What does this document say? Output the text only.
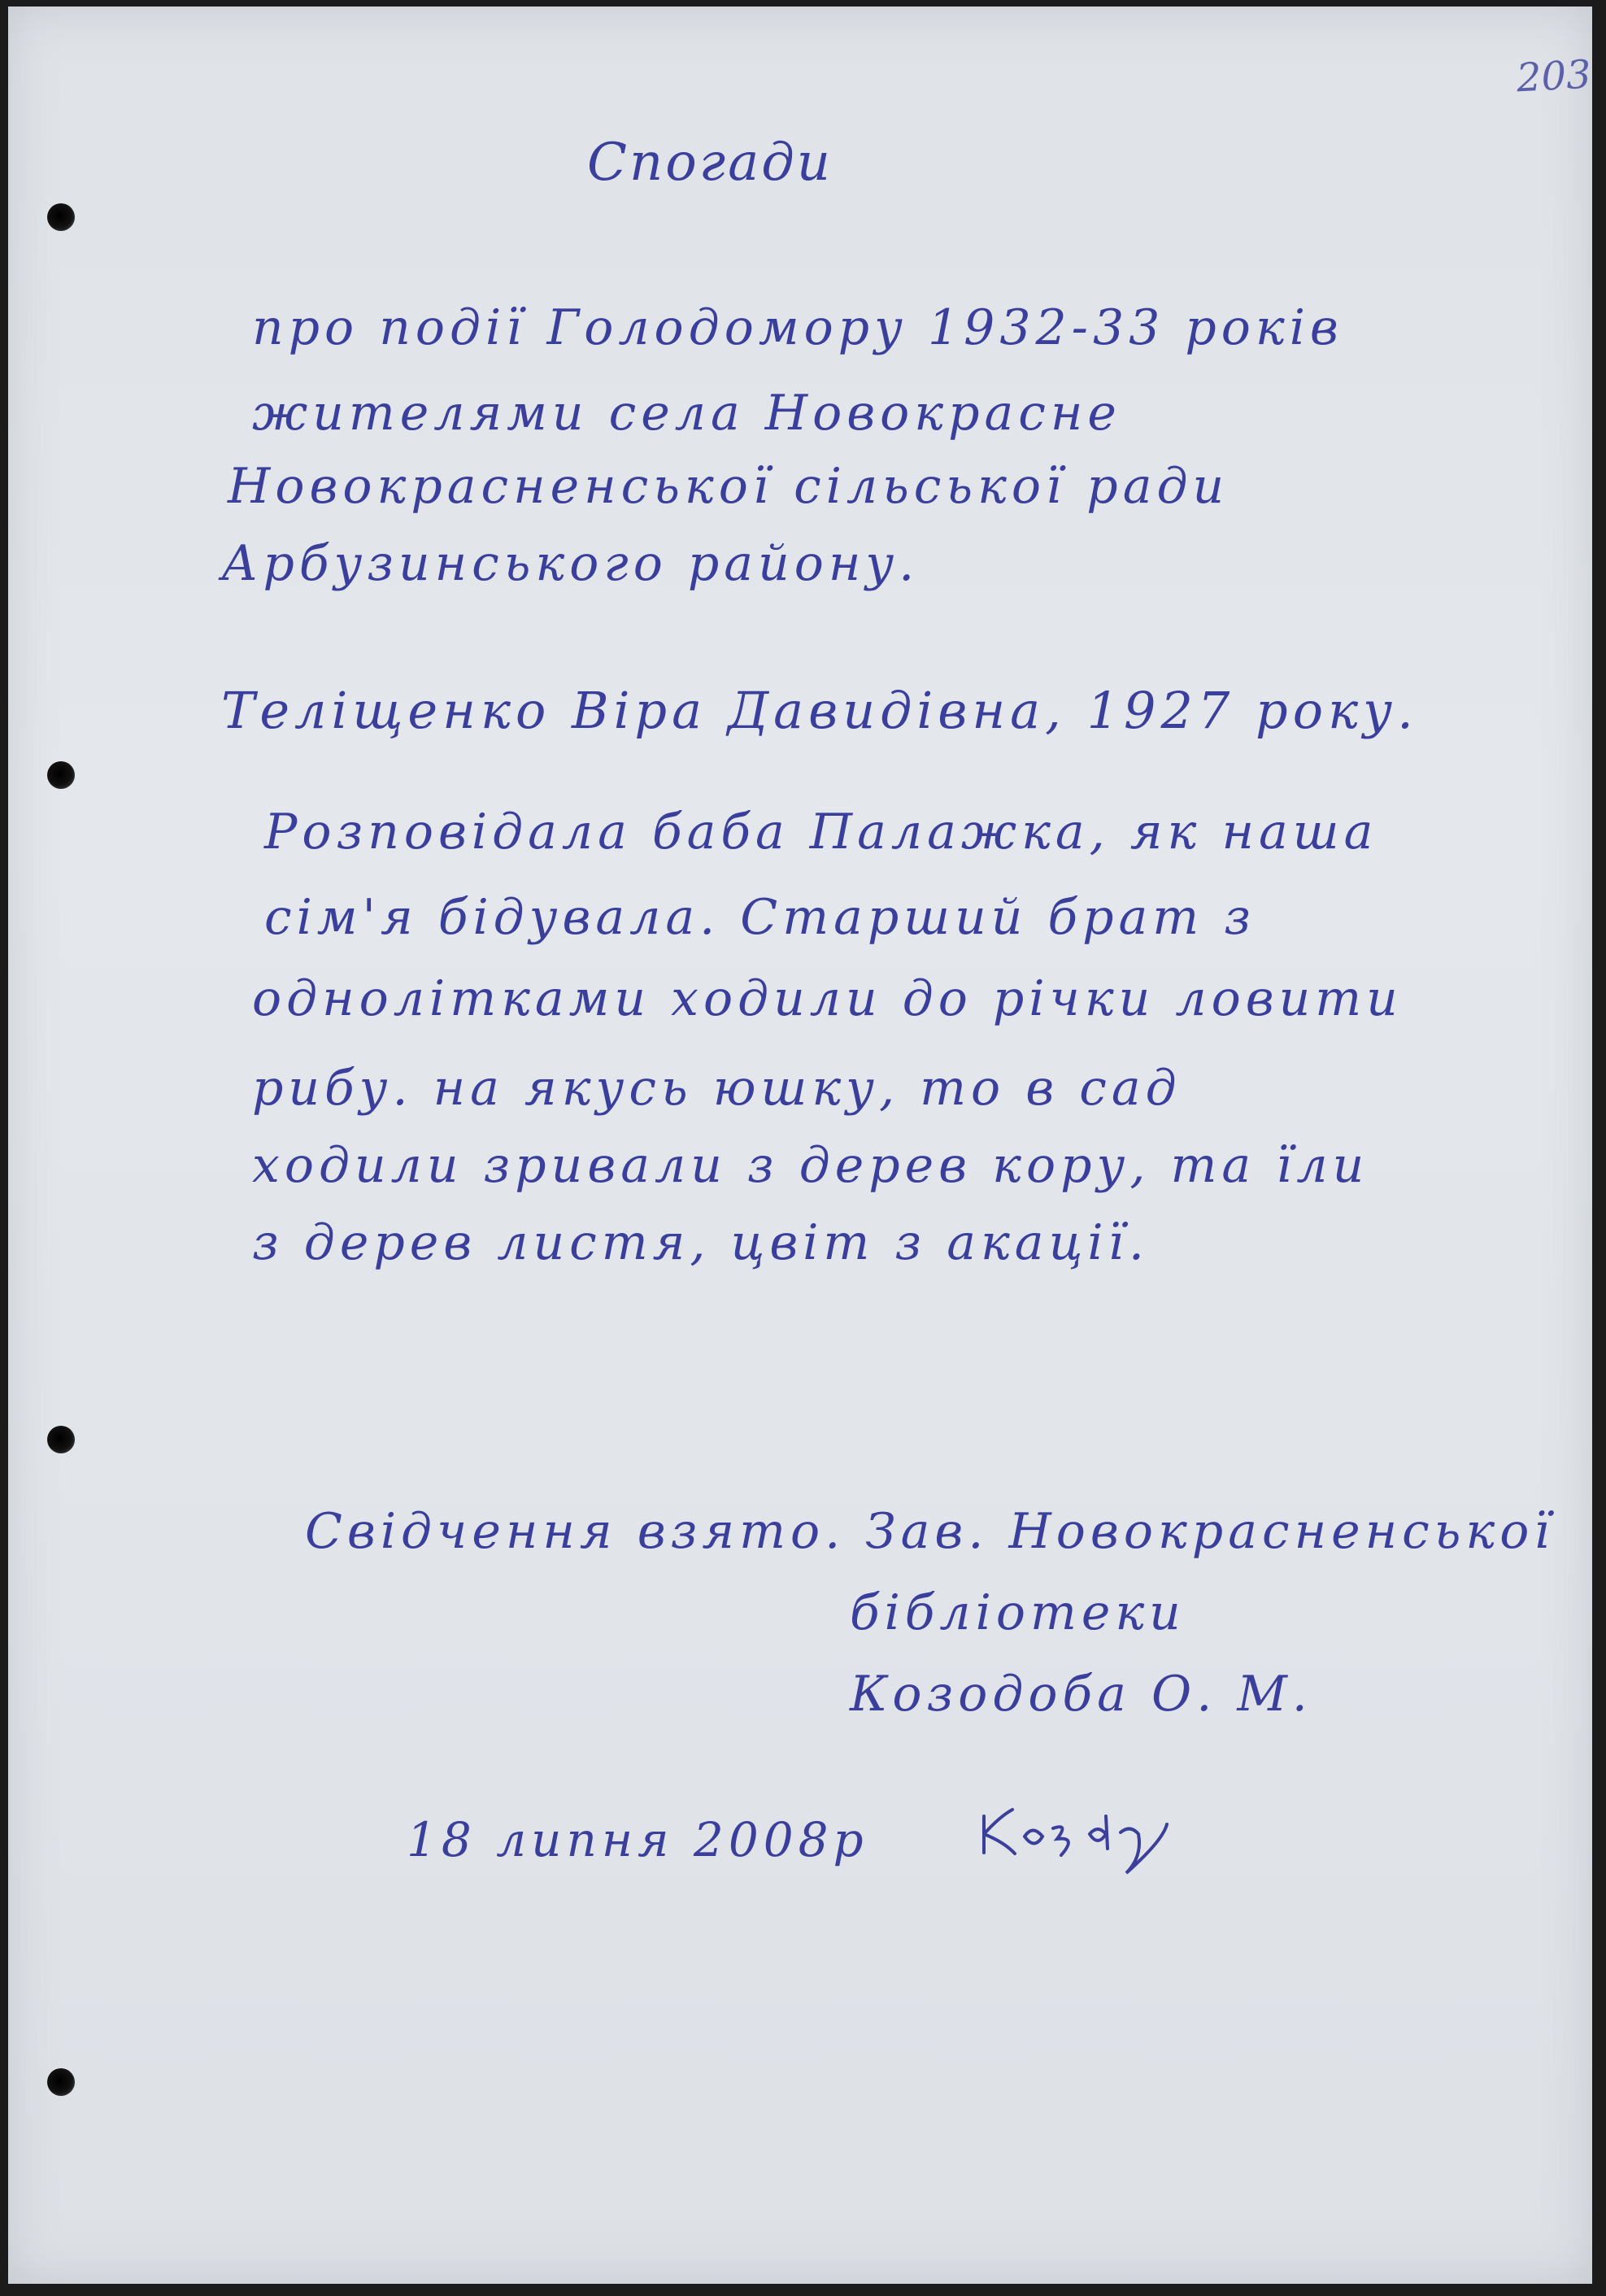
203
Спогади
про події Голодомору 1932-33 років
жителями села Новокрасне
Новокрасненської сільської ради
Арбузинського району.
Теліщенко Віра Давидівна, 1927 року.
Розповідала баба Палажка, як наша
сім'я бідувала. Старший брат з
однолітками ходили до річки ловити
рибу. на якусь юшку, то в сад
ходили зривали з дерев кору, та їли
з дерев листя, цвіт з акації.
Свідчення взято. Зав. Новокрасненської
бібліотеки
Козодоба О. М.
18 липня 2008р
